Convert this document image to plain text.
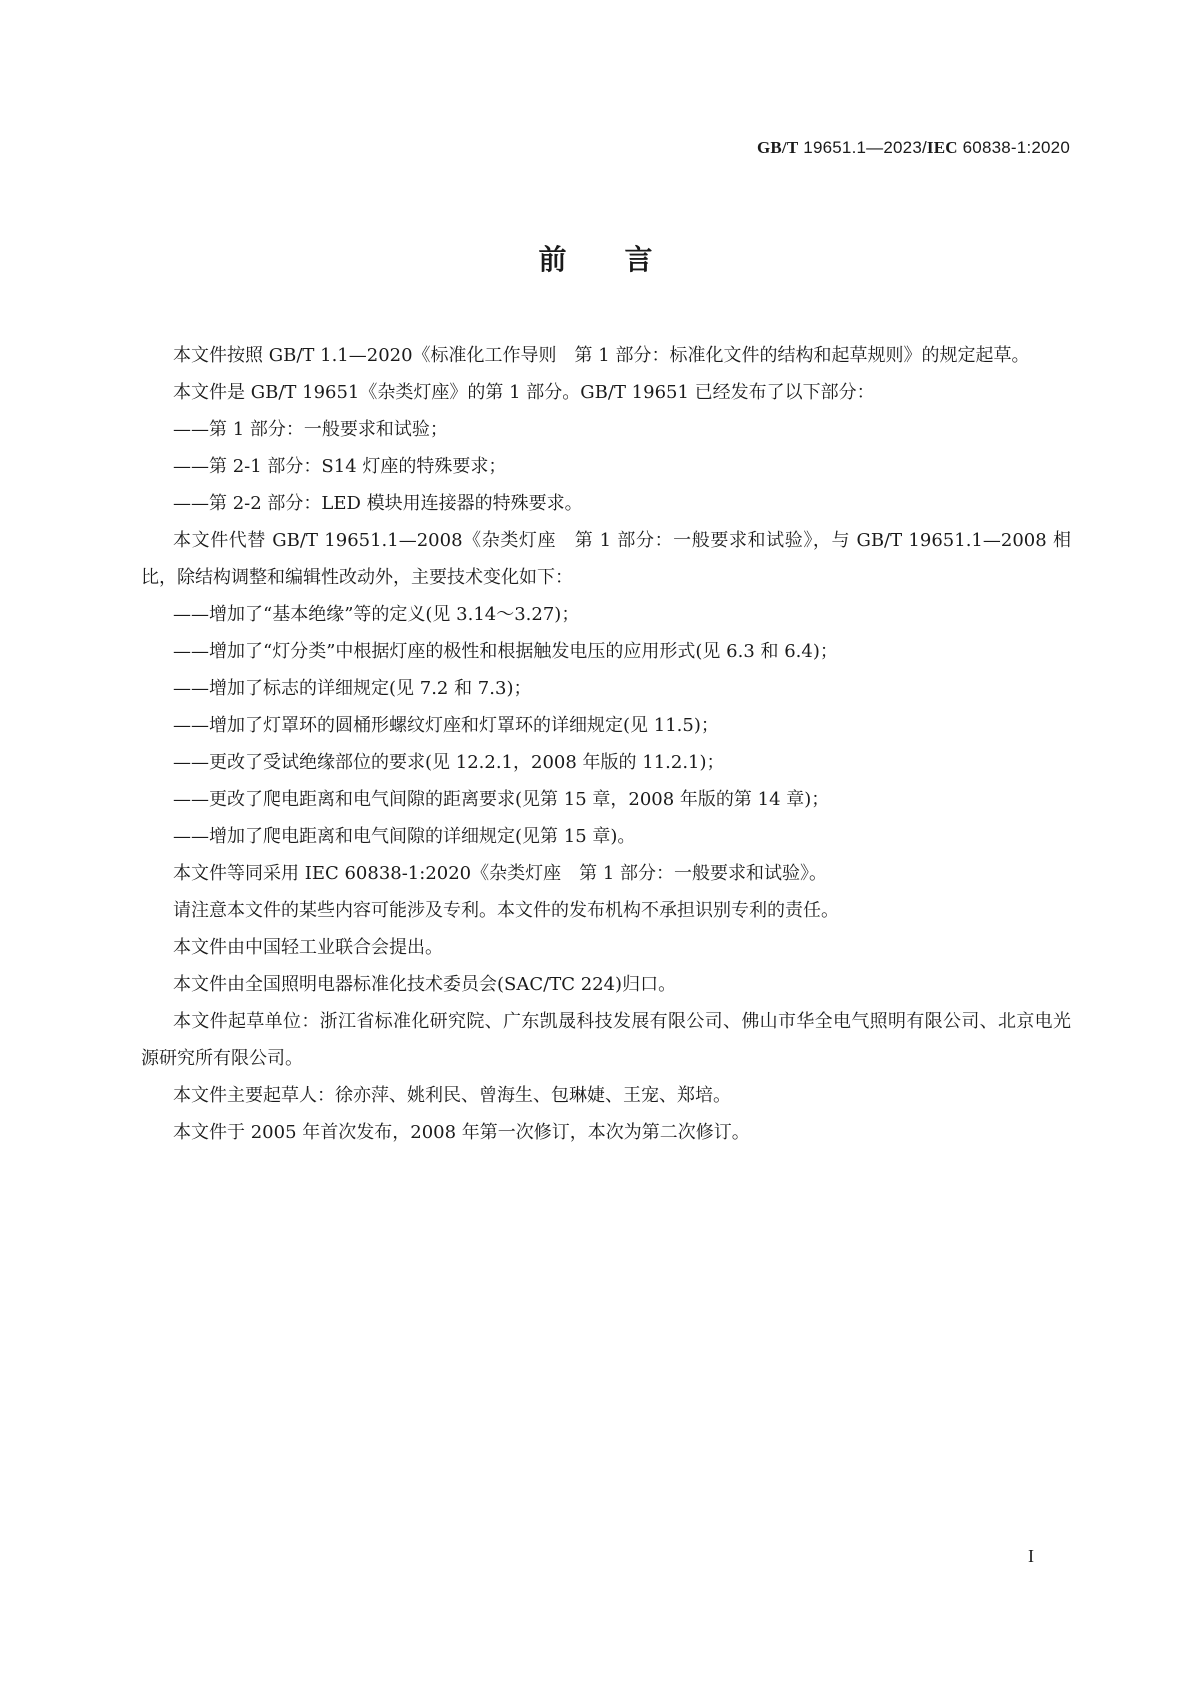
GB/T 19651.1—2023/IEC 60838-1:2020
前言

本文件按照 GB/T 1.1—2020《标准化工作导则　第 1 部分：标准化文件的结构和起草规则》的规定起草。

本文件是 GB/T 19651《杂类灯座》的第 1 部分。GB/T 19651 已经发布了以下部分：

——第 1 部分：一般要求和试验；

——第 2-1 部分：S14 灯座的特殊要求；

——第 2-2 部分：LED 模块用连接器的特殊要求。

本文件代替 GB/T 19651.1—2008《杂类灯座　第 1 部分：一般要求和试验》，与 GB/T 19651.1—2008 相比，除结构调整和编辑性改动外，主要技术变化如下：

——增加了“基本绝缘”等的定义(见 3.14～3.27)；

——增加了“灯分类”中根据灯座的极性和根据触发电压的应用形式(见 6.3 和 6.4)；

——增加了标志的详细规定(见 7.2 和 7.3)；

——增加了灯罩环的圆桶形螺纹灯座和灯罩环的详细规定(见 11.5)；

——更改了受试绝缘部位的要求(见 12.2.1，2008 年版的 11.2.1)；

——更改了爬电距离和电气间隙的距离要求(见第 15 章，2008 年版的第 14 章)；

——增加了爬电距离和电气间隙的详细规定(见第 15 章)。

本文件等同采用 IEC 60838-1:2020《杂类灯座　第 1 部分：一般要求和试验》。

请注意本文件的某些内容可能涉及专利。本文件的发布机构不承担识别专利的责任。

本文件由中国轻工业联合会提出。

本文件由全国照明电器标准化技术委员会(SAC/TC 224)归口。

本文件起草单位：浙江省标准化研究院、广东凯晟科技发展有限公司、佛山市华全电气照明有限公司、北京电光源研究所有限公司。

本文件主要起草人：徐亦萍、姚利民、曾海生、包琳婕、王宠、郑培。

本文件于 2005 年首次发布，2008 年第一次修订，本次为第二次修订。

I
